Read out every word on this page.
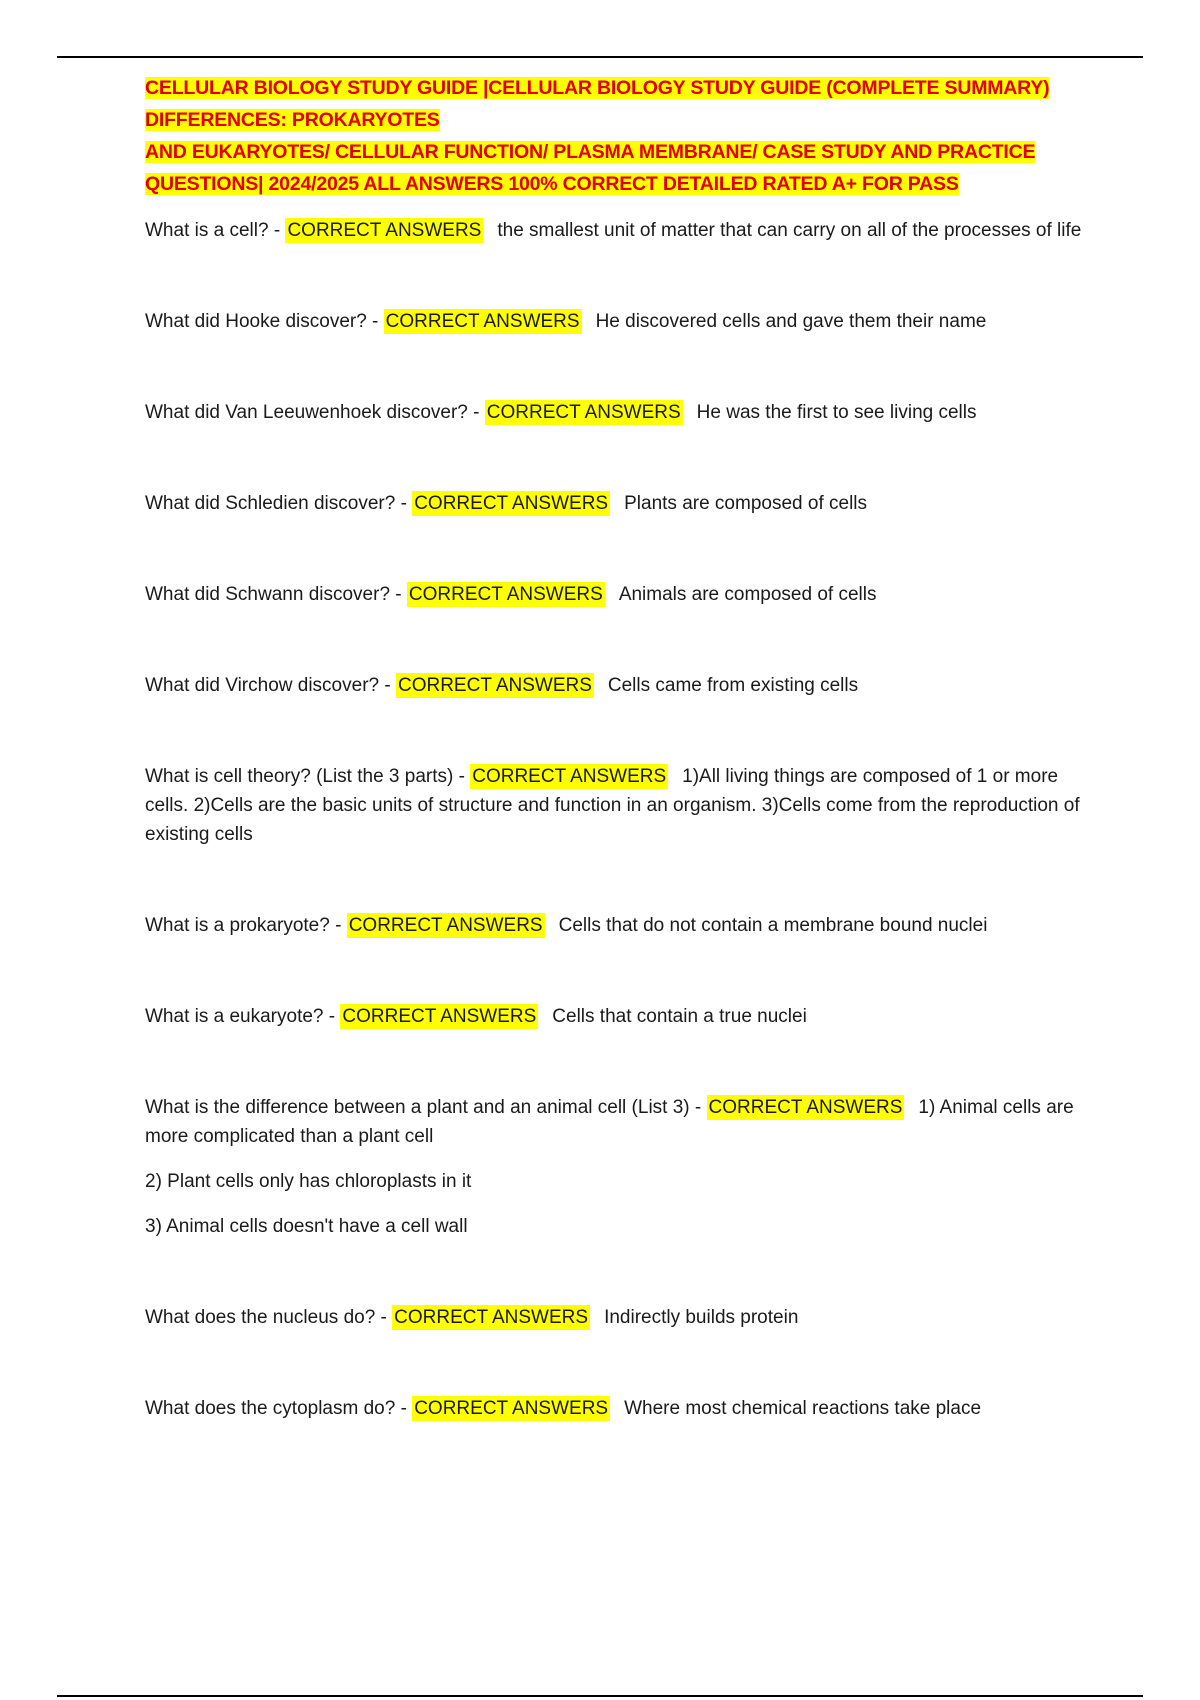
CELLULAR BIOLOGY STUDY GUIDE |CELLULAR BIOLOGY STUDY GUIDE (COMPLETE SUMMARY)
DIFFERENCES: PROKARYOTES
AND EUKARYOTES/ CELLULAR FUNCTION/ PLASMA MEMBRANE/ CASE STUDY AND PRACTICE
QUESTIONS| 2024/2025 ALL ANSWERS 100% CORRECT DETAILED RATED A+ FOR PASS

What is a cell? - CORRECT ANSWERS the smallest unit of matter that can carry on all of the processes of life

What did Hooke discover? - CORRECT ANSWERS He discovered cells and gave them their name

What did Van Leeuwenhoek discover? - CORRECT ANSWERS He was the first to see living cells

What did Schledien discover? - CORRECT ANSWERS Plants are composed of cells

What did Schwann discover? - CORRECT ANSWERS Animals are composed of cells

What did Virchow discover? - CORRECT ANSWERS Cells came from existing cells

What is cell theory? (List the 3 parts) - CORRECT ANSWERS 1)All living things are composed of 1 or more cells. 2)Cells are the basic units of structure and function in an organism. 3)Cells come from the reproduction of existing cells

What is a prokaryote? - CORRECT ANSWERS Cells that do not contain a membrane bound nuclei

What is a eukaryote? - CORRECT ANSWERS Cells that contain a true nuclei

What is the difference between a plant and an animal cell (List 3) - CORRECT ANSWERS 1) Animal cells are more complicated than a plant cell

2) Plant cells only has chloroplasts in it

3) Animal cells doesn't have a cell wall

What does the nucleus do? - CORRECT ANSWERS Indirectly builds protein

What does the cytoplasm do? - CORRECT ANSWERS Where most chemical reactions take place
